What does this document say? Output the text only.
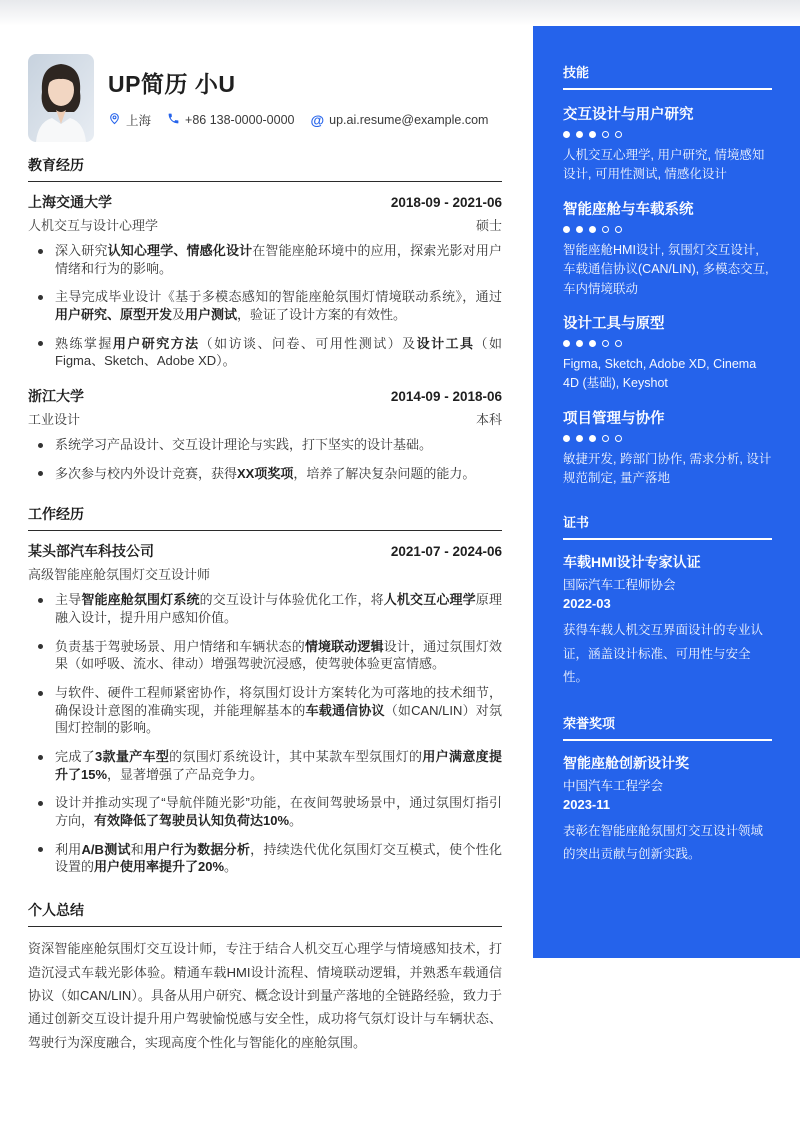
UP简历 小U
上海	+86 138-0000-0000 @ up.ai.resume@example.com
教育经历
上海交通大学	2018-09 - 2021-06
人机交互与设计心理学	硕士
深入研究认知心理学、情感化设计在智能座舱环境中的应用，探索光影对用户情绪和行为的影响。
主导完成毕业设计《基于多模态感知的智能座舱氛围灯情境联动系统》，通过用户研究、原型开发及用户测试，验证了设计方案的有效性。
熟练掌握用户研究方法（如访谈、问卷、可用性测试）及设计工具（如Figma、Sketch、Adobe XD）。
浙江大学	2014-09 - 2018-06
工业设计	本科
系统学习产品设计、交互设计理论与实践，打下坚实的设计基础。
多次参与校内外设计竞赛，获得XX项奖项，培养了解决复杂问题的能力。
工作经历
某头部汽车科技公司	2021-07 - 2024-06
高级智能座舱氛围灯交互设计师
主导智能座舱氛围灯系统的交互设计与体验优化工作，将人机交互心理学原理融入设计，提升用户感知价值。
负责基于驾驶场景、用户情绪和车辆状态的情境联动逻辑设计，通过氛围灯效果（如呼吸、流水、律动）增强驾驶沉浸感，使驾驶体验更富情感。
与软件、硬件工程师紧密协作，将氛围灯设计方案转化为可落地的技术细节，确保设计意图的准确实现，并能理解基本的车载通信协议（如CAN/LIN）对氛围灯控制的影响。
完成了3款量产车型的氛围灯系统设计，其中某款车型氛围灯的用户满意度提升了15%，显著增强了产品竞争力。
设计并推动实现了“导航伴随光影”功能，在夜间驾驶场景中，通过氛围灯指引方向，有效降低了驾驶员认知负荷达10%。
利用A/B测试和用户行为数据分析，持续迭代优化氛围灯交互模式，使个性化设置的用户使用率提升了20%。
个人总结

资深智能座舱氛围灯交互设计师，专注于结合人机交互心理学与情境感知技术，打造沉浸式车载光影体验。精通车载HMI设计流程、情境联动逻辑，并熟悉车载通信协议（如CAN/LIN）。具备从用户研究、概念设计到量产落地的全链路经验，致力于通过创新交互设计提升用户驾驶愉悦感与安全性，成功将气氛灯设计与车辆状态、驾驶行为深度融合，实现高度个性化与智能化的座舱氛围。

技能
交互设计与用户研究
人机交互心理学, 用户研究, 情境感知设计, 可用性测试, 情感化设计
智能座舱与车载系统
智能座舱HMI设计, 氛围灯交互设计, 车载通信协议(CAN/LIN), 多模态交互, 车内情境联动
设计工具与原型
Figma, Sketch, Adobe XD, Cinema 4D (基础), Keyshot
项目管理与协作
敏捷开发, 跨部门协作, 需求分析, 设计规范制定, 量产落地
证书
车载HMI设计专家认证
国际汽车工程师协会
2022-03
获得车载人机交互界面设计的专业认证，涵盖设计标准、可用性与安全性。
荣誉奖项
智能座舱创新设计奖
中国汽车工程学会
2023-11
表彰在智能座舱氛围灯交互设计领域的突出贡献与创新实践。
